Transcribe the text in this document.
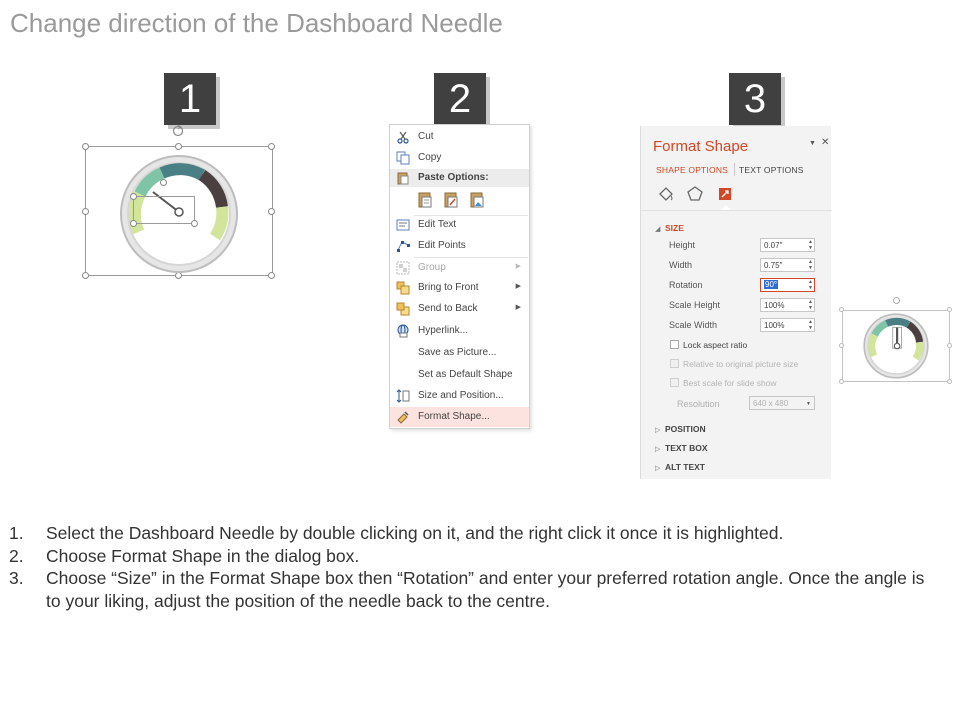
Change direction of the Dashboard Needle
1	2	3
Cut
Copy
Paste Options:
Edit Text
Edit Points
Group	▶
Bring to Front	▶
Send to Back	▶
Hyperlink...
Save as Picture...
Set as Default Shape
Size and Position...
Format Shape...
Format Shape	▼ ✕
SHAPE OPTIONS TEXT OPTIONS
◢ SIZE
Height	0.07"	▲
▼
Width	0.75"	▲
▼
Rotation	90°	▲
▼
Scale Height	100%	▲
▼
Scale Width	100%	▲
▼
Lock aspect ratio
Relative to original picture size
Best scale for slide show
Resolution	640 x 480	▼
▷ POSITION
▷ TEXT BOX
▷ ALT TEXT
1. Select the Dashboard Needle by double clicking on it, and the right click it once it is highlighted.
2. Choose Format Shape in the dialog box.
3. Choose “Size” in the Format Shape box then “Rotation” and enter your preferred rotation angle. Once the angle is to your liking, adjust the position of the needle back to the centre.
